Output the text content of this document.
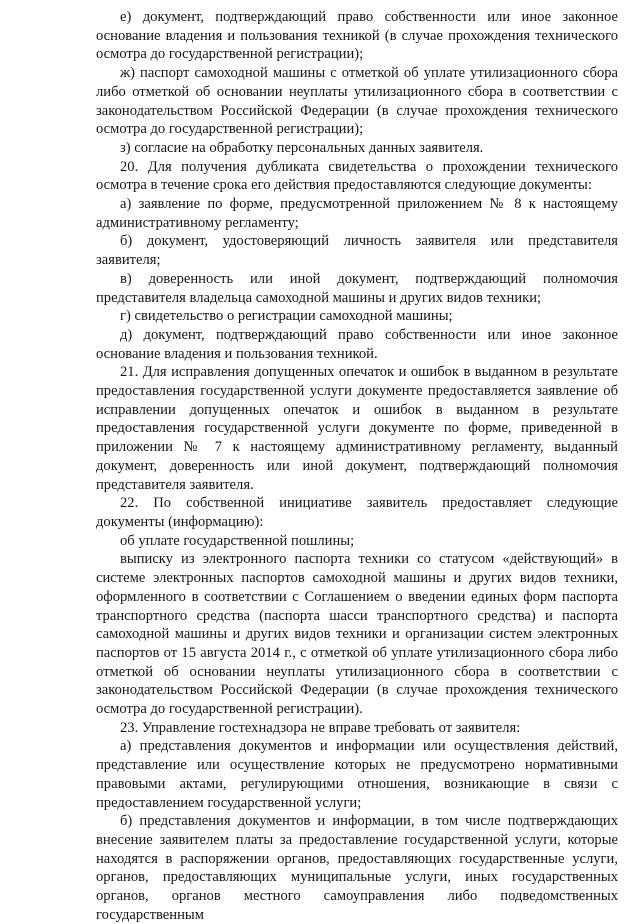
е) документ, подтверждающий право собственности или иное законное основание владения и пользования техникой (в случае прохождения технического осмотра до государственной регистрации);

ж) паспорт самоходной машины с отметкой об уплате утилизационного сбора либо отметкой об основании неуплаты утилизационного сбора в соответствии с законодательством Российской Федерации (в случае прохождения технического осмотра до государственной регистрации);

з) согласие на обработку персональных данных заявителя.

20. Для получения дубликата свидетельства о прохождении технического осмотра в течение срока его действия предоставляются следующие документы:

а) заявление по форме, предусмотренной приложением № 8 к настоящему административному регламенту;

б) документ, удостоверяющий личность заявителя или представителя заявителя;

в) доверенность или иной документ, подтверждающий полномочия представителя владельца самоходной машины и других видов техники;

г) свидетельство о регистрации самоходной машины;

д) документ, подтверждающий право собственности или иное законное основание владения и пользования техникой.

21. Для исправления допущенных опечаток и ошибок в выданном в результате предоставления государственной услуги документе предоставляется заявление об исправлении допущенных опечаток и ошибок в выданном в результате предоставления государственной услуги документе по форме, приведенной в приложении № 7 к настоящему административному регламенту, выданный документ, доверенность или иной документ, подтверждающий полномочия представителя заявителя.

22. По собственной инициативе заявитель предоставляет следующие документы (информацию):

об уплате государственной пошлины;

выписку из электронного паспорта техники со статусом «действующий» в системе электронных паспортов самоходной машины и других видов техники, оформленного в соответствии с Соглашением о введении единых форм паспорта транспортного средства (паспорта шасси транспортного средства) и паспорта самоходной машины и других видов техники и организации систем электронных паспортов от 15 августа 2014 г., с отметкой об уплате утилизационного сбора либо отметкой об основании неуплаты утилизационного сбора в соответствии с законодательством Российской Федерации (в случае прохождения технического осмотра до государственной регистрации).

23. Управление гостехнадзора не вправе требовать от заявителя:

а) представления документов и информации или осуществления действий, представление или осуществление которых не предусмотрено нормативными правовыми актами, регулирующими отношения, возникающие в связи с предоставлением государственной услуги;

б) представления документов и информации, в том числе подтверждающих внесение заявителем платы за предоставление государственной услуги, которые находятся в распоряжении органов, предоставляющих государственные услуги, органов, предоставляющих муниципальные услуги, иных государственных органов, органов местного самоуправления либо подведомственных государственным
